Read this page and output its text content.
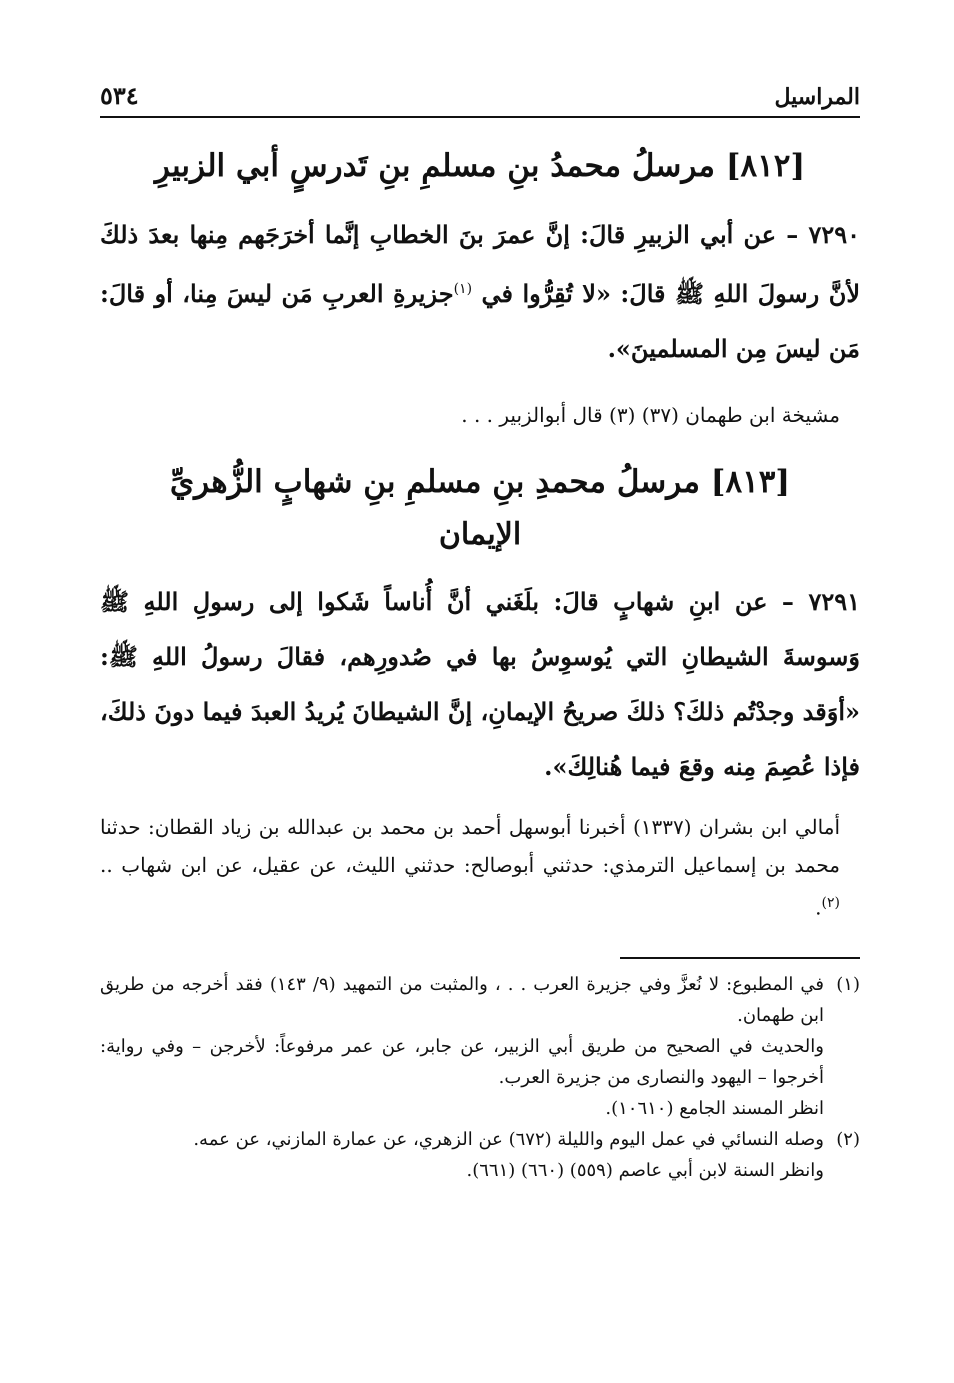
المراسيل
٥٣٤
[٨١٢] مرسلُ محمدُ بنِ مسلمِ بنِ تَدرسٍ أبي الزبيرِ

٧٢٩٠ – عن أبي الزبيرِ قالَ: إنَّ عمرَ بنَ الخطابِ إنَّما أخرَجَهم مِنها بعدَ ذلكَ لأنَّ رسولَ اللهِ ﷺ قالَ: «لا تُقِرُّوا في $^{(١)}$جزيرةِ العربِ مَن ليسَ مِنا، أو قالَ: مَن ليسَ مِن المسلمينَ».

مشيخة ابن طهمان (٣٧) (٣) قال أبوالزبير . . .

[٨١٣] مرسلُ محمدِ بنِ مسلمِ بنِ شهابٍ الزُّهريِّ
الإيمان

٧٢٩١ – عن ابنِ شهابٍ قالَ: بلَغَني أنَّ أُناساً شَكوا إلى رسولِ اللهِ ﷺ وَسوسةَ الشيطانِ التي يُوسوِسُ بها في صُدورِهم، فقالَ رسولُ اللهِ ﷺ: «أوَقد وجدْتُم ذلكَ؟ ذلكَ صريحُ الإيمانِ، إنَّ الشيطانَ يُريدُ العبدَ فيما دونَ ذلكَ، فإذا عُصِمَ مِنه وقعَ فيما هُنالِكَ».

أمالي ابن بشران (١٣٣٧) أخبرنا أبوسهل أحمد بن محمد بن عبدالله بن زياد القطان: حدثنا محمد بن إسماعيل الترمذي: حدثني أبوصالح: حدثني الليث، عن عقيل، عن ابن شهاب .. $^{(٢)}$.

(١)
في المطبوع: لا نُعزَّ وفي جزيرة العرب . . ، والمثبت من التمهيد (٩/ ١٤٣) فقد أخرجه من طريق ابن طهمان.
والحديث في الصحيح من طريق أبي الزبير، عن جابر، عن عمر مرفوعاً: لأخرجن – وفي رواية: أخرجوا – اليهود والنصارى من جزيرة العرب.
انظر المسند الجامع (١٠٦١٠).
(٢)
وصله النسائي في عمل اليوم والليلة (٦٧٢) عن الزهري، عن عمارة المازني، عن عمه.
وانظر السنة لابن أبي عاصم (٥٥٩) (٦٦٠) (٦٦١).
